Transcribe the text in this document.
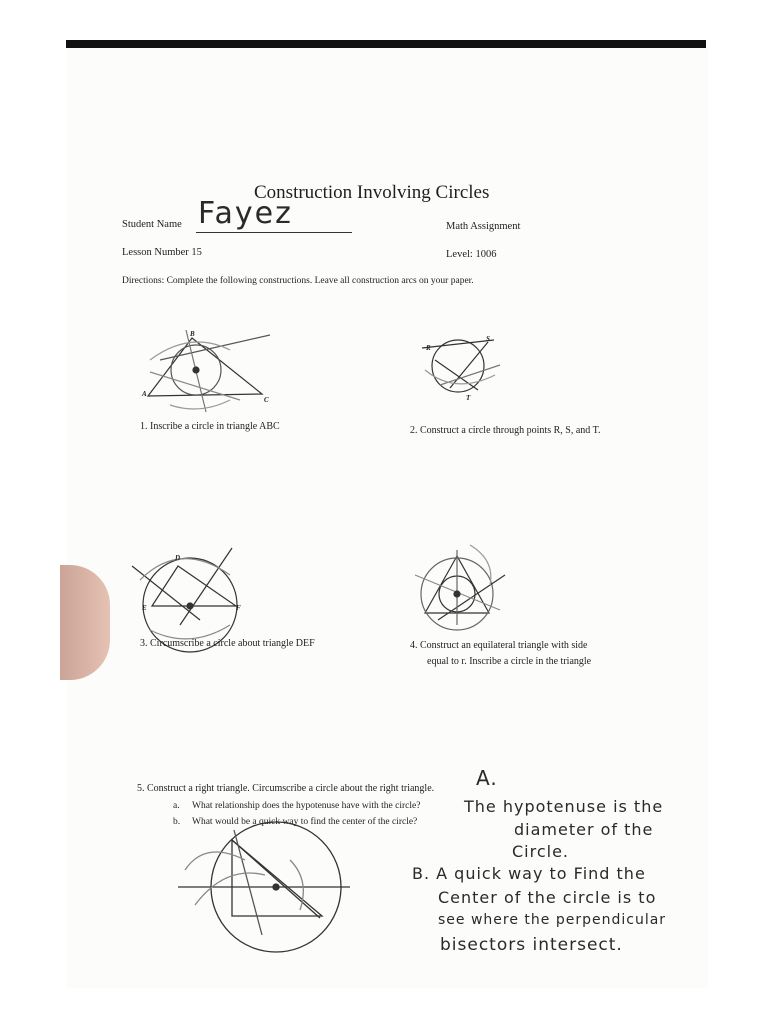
Construction Involving Circles
Student Name Fayez	Math Assignment
Lesson Number 15	Level: 1006
Directions: Complete the following constructions. Leave all construction arcs on your paper.
B
A
C
R
S
T
D
E	F
1. Inscribe a circle in triangle ABC	2. Construct a circle through points R, S, and T.
3. Circumscribe a circle about triangle DEF	4. Construct an equilateral triangle with side
equal to r. Inscribe a circle in the triangle
5. Construct a right triangle. Circumscribe a circle about the right triangle.
a. What relationship does the hypotenuse have with the circle?
b. What would be a quick way to find the center of the circle?
A.
The hypotenuse is the
diameter of the
Circle.
B. A quick way to Find the
Center of the circle is to
see where the perpendicular
bisectors intersect.
